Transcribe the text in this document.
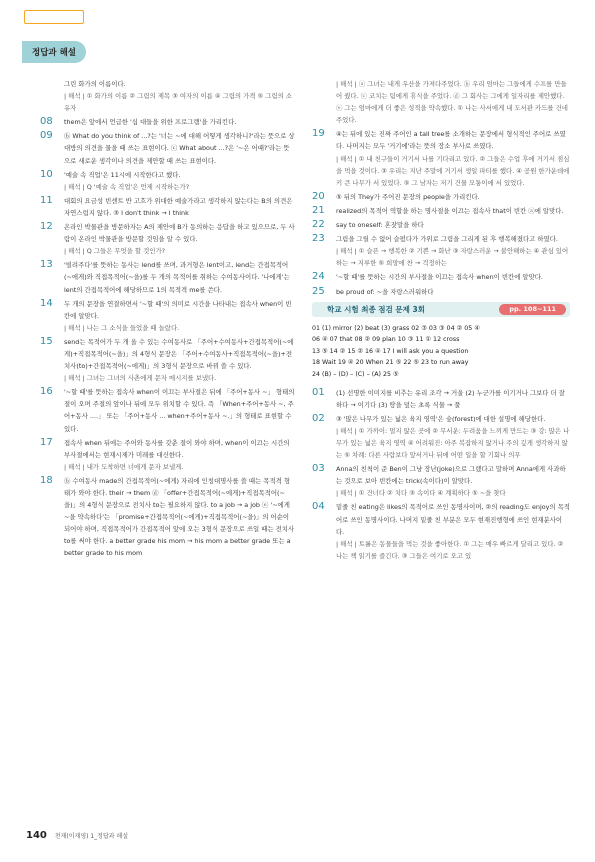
정답과 해설
그린 화가의 이름이다.
| 해석 | ① 화가의 이름 ② 그림의 제목 ③ 여자의 이름 ④ 그림의 가격 ⑤ 그림의 소유자
08 them은 앞에서 언급한 '십 대들을 위한 프로그램'을 가리킨다.
09 ⓑ What do you think of ...?는 '너는 ~에 대해 어떻게 생각하니?'라는 뜻으로 상대방의 의견을 물을 때 쓰는 표현이다. ⓒ What about ...?은 '~은 어때?'라는 뜻으로 새로운 생각이나 의견을 제안할 때 쓰는 표현이다.
10 '예술 속 직업'은 11시에 시작한다고 했다.
| 해석 | Q '예술 속 직업'은 언제 시작하는가?
11 대회의 요금성 빈센트 반 고흐가 위대한 예술가라고 생각하지 않는다는 B의 의견은 자연스럽지 않다. ③ I don't think → I think
12 온라인 박물관을 방문하자는 A의 제안에 B가 동의하는 응답을 하고 있으므로, 두 사람이 온라인 박물관을 방문할 것임을 알 수 있다.
| 해석 | Q 그들은 무엇을 할 것인가?
13 '빌려주다'를 뜻하는 동사는 lend를 쓰며, 과거형은 lent이고, lend는 간접목적어(~에게)와 직접목적어(~을)를 두 개의 목적어를 취하는 수여동사이다. '나에게'는 lent의 간접목적어에 해당하므로 1의 목적격 me를 쓴다.
14 두 개의 문장을 연결하면서 '~할 때'의 의미로 시간을 나타내는 접속사 when이 빈칸에 알맞다.
| 해석 | 나는 그 소식을 들었을 때 놀랐다.
15 send는 목적어가 두 개 올 수 있는 수여동사로 「주어+수여동사+간접목적어(~에게)+직접목적어(~을)」의 4형식 문장은 「주어+수여동사+직접목적어(~을)+전치사(to)+간접목적어(~에게)」의 3형식 문장으로 바꿔 쓸 수 있다.
| 해석 | 그녀는 그녀의 사촌에게 문자 메시지를 보냈다.
16 '~할 때'를 뜻하는 접속사 when이 이끄는 부사절은 뒤에 「주어+동사 ~」 형태의 절이 오며 주절의 앞이나 뒤에 모두 위치할 수 있다. 즉 「When+주어+동사 ~, 주어+동사 ....」 또는 「주어+동사 ... when+주어+동사 ~.」의 형태로 표현할 수 있다.
17 접속사 when 뒤에는 주어와 동사를 갖춘 절이 와야 하며, when이 이끄는 시간의 부사절에서는 현재시제가 미래를 대신한다.
| 해석 | 내가 도착하면 너에게 문자 보낼게.
18 ⓑ 수여동사 made의 간접목적어(~에게) 자리에 인칭대명사를 쓸 때는 목적격 형태가 와야 한다. their → them ⓓ 「offer+간접목적어(~에게)+직접목적어(~을)」의 4형식 문장으로 전치사 to는 필요하지 않다. to a job → a job ⓔ '~에게 ~을 약속하다'는 「promise+간접목적어(~에게)+직접목적어(~을)」의 어순이 되어야 하며, 직접목적어가 간접목적어 앞에 오는 3형식 문장으로 쓰일 때는 전치사 to를 써야 한다. a better grade his mom → his mom a better grade 또는 a better grade to his mom
| 해석 | ⓐ 그녀는 내게 우산을 가져다주었다. ⓑ 우리 엄마는 그들에게 수프를 만들어 줬다. ⓒ 코치는 팀에게 휴식을 주었다. ⓓ 그 회사는 그에게 일자리를 제안했다. ⓔ 그는 엄마에게 더 좋은 성적을 약속했다. ① 나는 사서에게 내 도서관 카드를 건네 주었다.
19 ④는 뒤에 있는 진짜 주어인 a tall tree를 소개하는 문장에서 형식적인 주어로 쓰였다. 나머지는 모두 '거기에'라는 뜻의 장소 부사로 쓰였다.
| 해석 | ① 내 친구들이 거기서 나를 기다리고 있다. ② 그들은 수업 후에 거기서 점심을 먹을 것이다. ③ 우리는 지난 주말에 거기서 생일 파티를 했다. ④ 공원 한가운데에 키 큰 나무가 서 있었다. ⑤ 그 남자는 저기 건물 모퉁이에 서 있었다.
20 ⑤ 뒤의 They가 주어진 문장의 people을 가리킨다.
21 realized의 목적어 역할을 하는 명사절을 이끄는 접속사 that이 빈칸 ⓐ에 알맞다.
22 say to oneself: 혼잣말을 하다
23 그림을 그릴 수 없어 슬펐다가 가위로 그림을 그리게 된 후 행복해졌다고 하였다.
| 해석 | ① 슬픈 → 행복한 ② 기쁜 → 화난 ③ 자랑스러운 → 불안해하는 ④ 관심 있어 하는 → 지루한 ⑤ 희망에 찬 → 걱정하는
24 '~할 때'를 뜻하는 시간의 부사절을 이끄는 접속사 when이 빈칸에 알맞다.
25 be proud of: ~을 자랑스러워하다
학교 시험 최종 점검 문제 3회	pp. 108~111
01 (1) mirror (2) beat (3) grass 02 ③ 03 ③ 04 ② 05 ④
06 ④ 07 that 08 ② 09 plan 10 ③ 11 ① 12 cross
13 ⑤ 14 ② 15 ② 16 ④ 17 I will ask you a question
18 Wait 19 ④ 20 When 21 ⑤ 22 ⑤ 23 to run away
24 (B) – (D) – (C) – (A) 25 ⑤
01 (1) 선명한 이미지를 비추는 유리 조각 → 거울 (2) 누군가를 이기거나 그보다 더 잘하다 → 이기다 (3) 땅을 덮는 초록 식물 → 풀
02 ③ '많은 나무가 있는 넓은 육지 영역'은 숲(forest)에 대한 설명에 해당한다.
| 해석 | ① 가까이: 멀지 않은 곳에 ② 무서운: 두려움을 느끼게 만드는 ③ 강: 많은 나무가 있는 넓은 육지 영역 ④ 어려워진: 아주 복잡하지 않거나 주의 깊게 생각하지 않는 ⑤ 차례: 다른 사람보다 앞서거나 뒤에 어떤 일을 할 기회나 의무
03 Anna의 친척이 준 Ben이 그냥 장난(joke)으로 그랬다고 말하며 Anna에게 사과하는 것으로 보아 빈칸에는 trick(속이다)이 알맞다.
| 해석 | ① 건너다 ② 치다 ③ 속이다 ④ 계획하다 ⑤ ~을 찾다
04 밑줄 친 eating은 likes의 목적어로 쓰인 동명사이며, ②의 reading도 enjoy의 목적어로 쓰인 동명사이다. 나머지 밑줄 친 부분은 모두 현재진행형에 쓰인 현재분사이다.
| 해석 | 트롤은 동물들을 먹는 것을 좋아한다. ① 그는 매우 빠르게 달리고 있다. ② 나는 책 읽기를 즐긴다. ③ 그들은 여기로 오고 있
140 천재(이재영) 1_정답과 해설
